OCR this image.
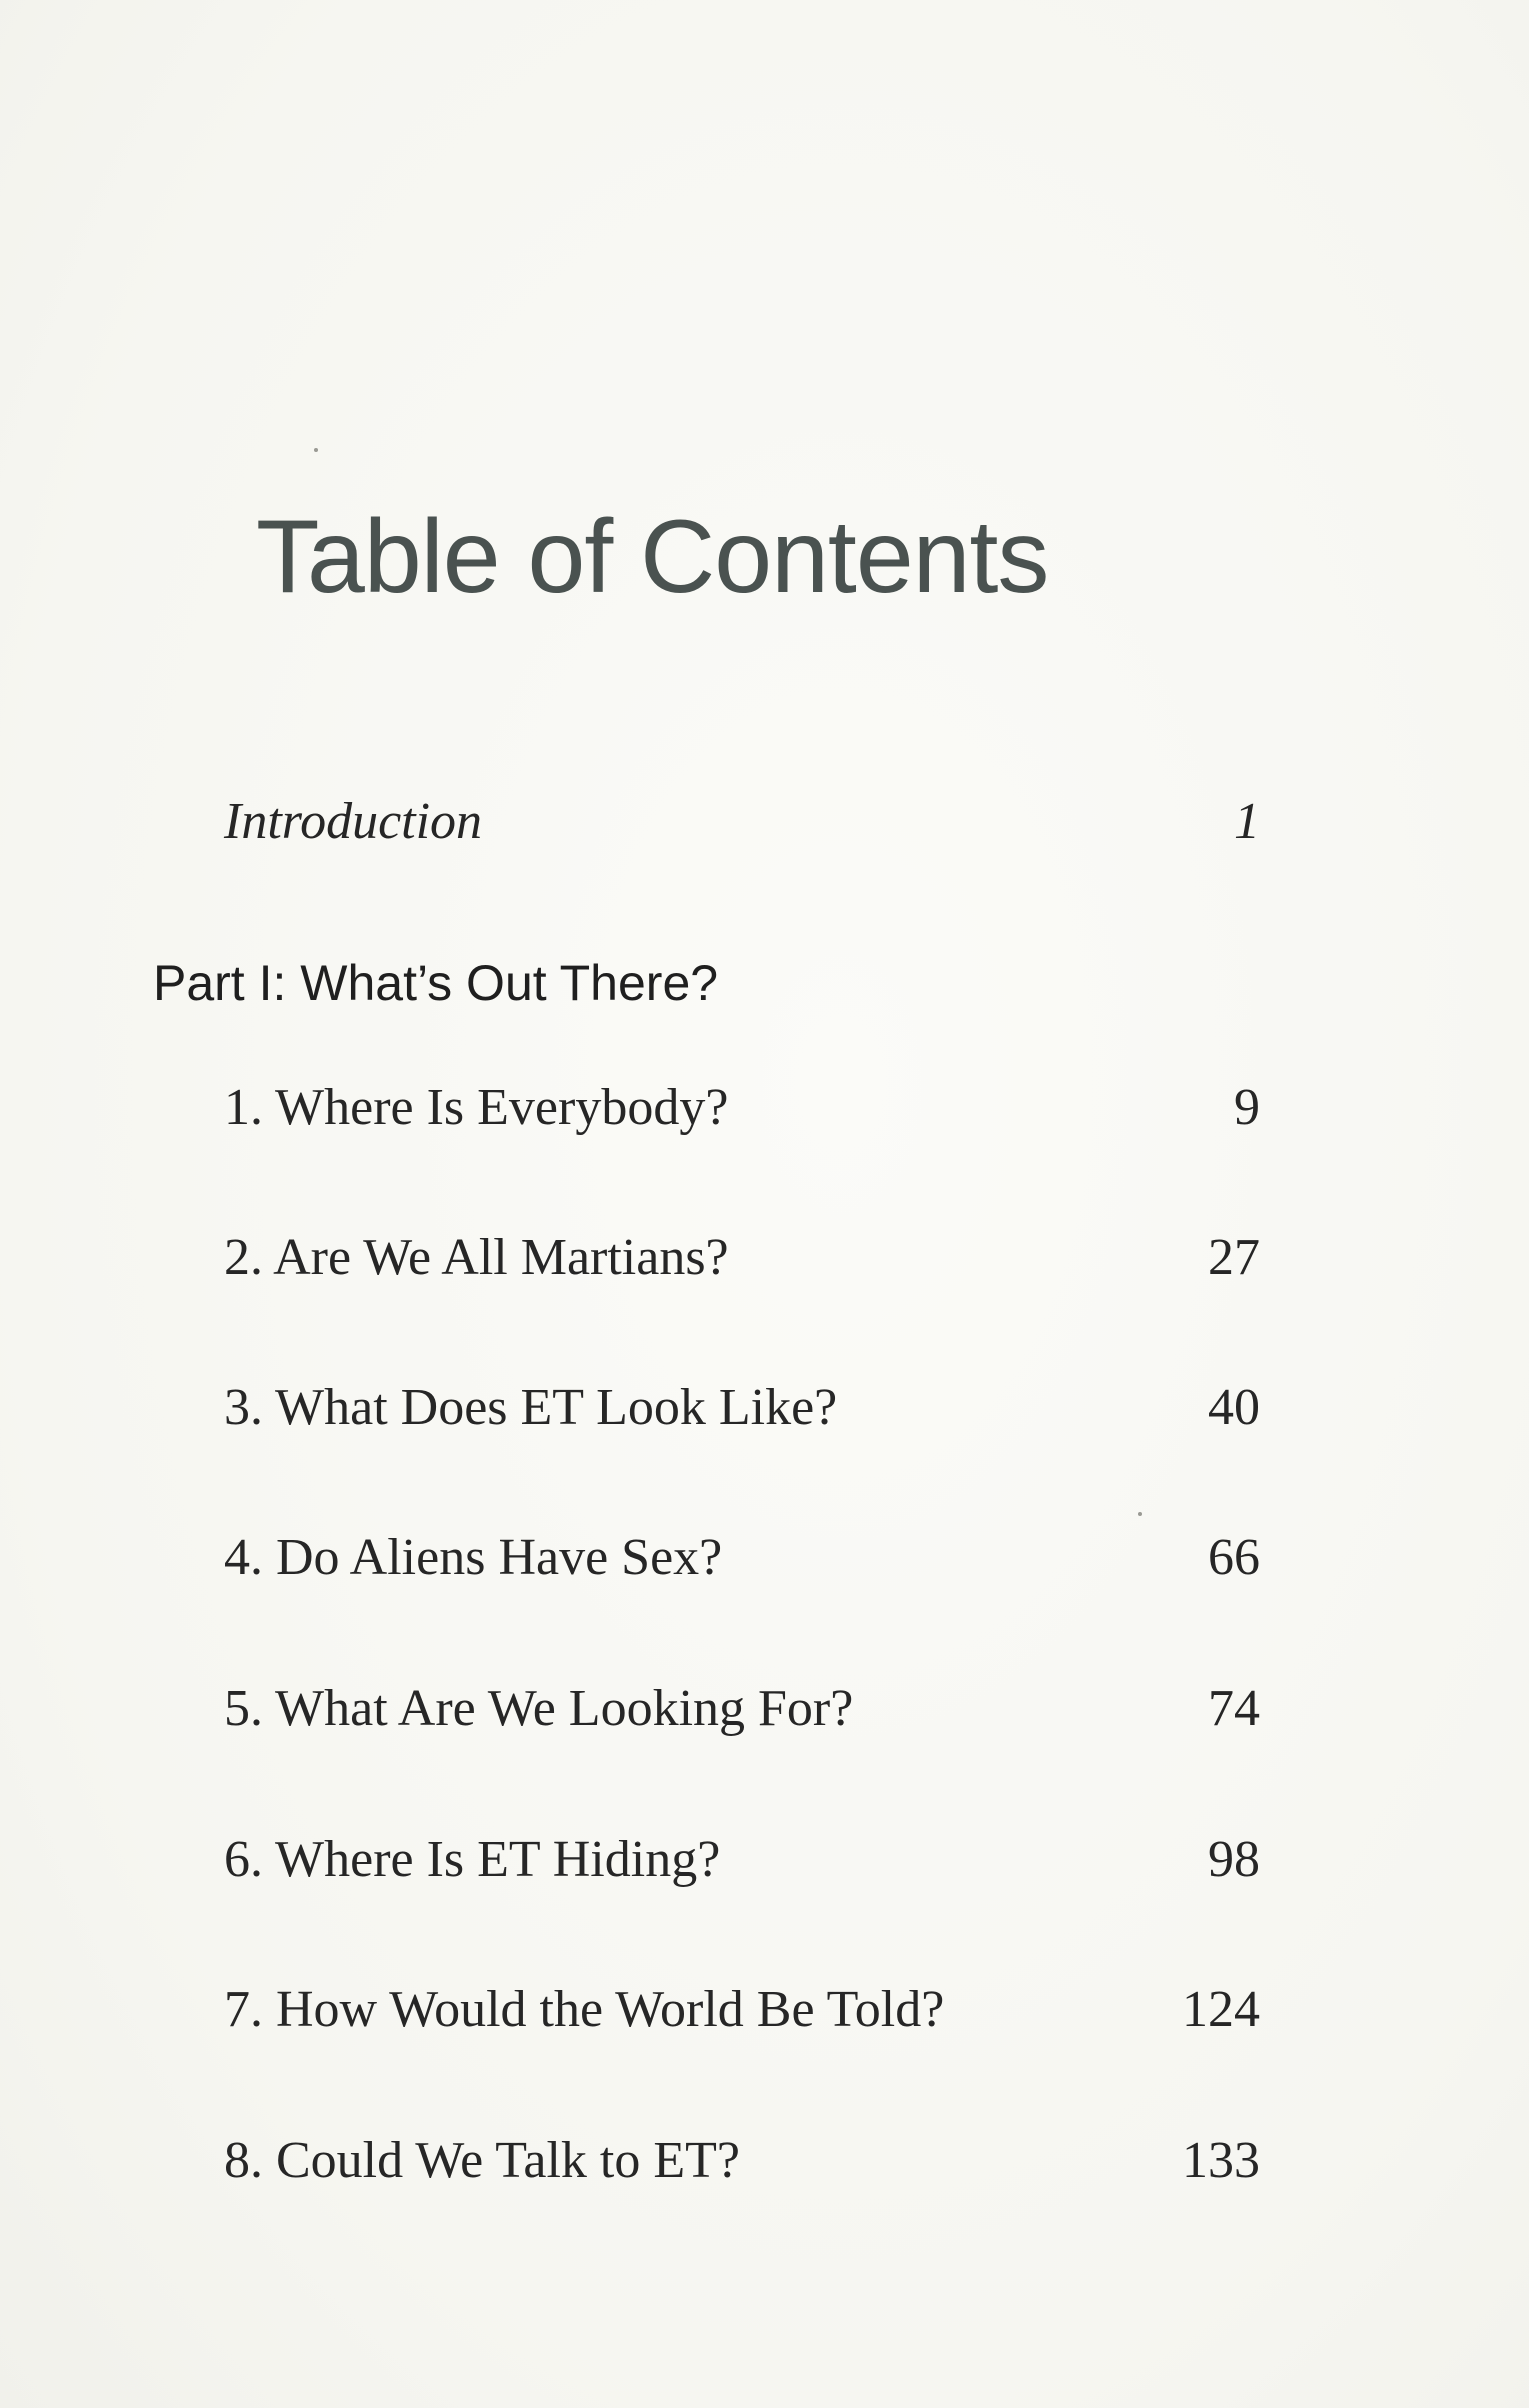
Table of Contents
Introduction	1
Part I: What’s Out There?
1. Where Is Everybody?	9
2. Are We All Martians?	27
3. What Does ET Look Like?	40
4. Do Aliens Have Sex?	66
5. What Are We Looking For?	74
6. Where Is ET Hiding?	98
7. How Would the World Be Told?	124
8. Could We Talk to ET?	133
